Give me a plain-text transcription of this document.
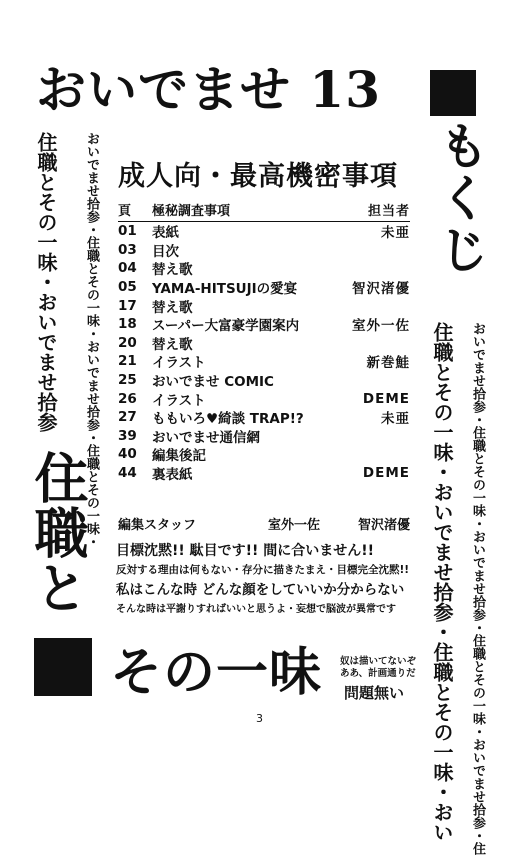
おいでませ 13
もくじ
おいでませ拾参・住職とその一味・おいでませ拾参・住職とその一味・
住職とその一味・おいでませ拾参
おいでませ拾参・住職とその一味・おいでませ拾参・住職とその一味・おいでませ拾参・住
住職とその一味・おいでませ拾参・住職とその一味・おい
成人向・最高機密事項
頁	極秘調査事項	担当者
01	表紙	未亜
03	目次
04	替え歌
05	YAMA-HITSUJIの愛宴	智沢渚優
17	替え歌
18	スーパー大富豪学園案内	室外一佐
20	替え歌
21	イラスト	新巻鮭
25	おいでませ COMIC
26	イラスト	DEME
27	ももいろ♥綺談 TRAP!?	未亜
39	おいでませ通信網
40	編集後記
44	裏表紙	DEME
編集スタッフ	室外一佐	智沢渚優
目標沈黙!! 駄目です!! 間に合いません!!
反対する理由は何もない・存分に描きたまえ・目標完全沈黙!!
私はこんな時 どんな顔をしていいか分からない
そんな時は平謝りすればいいと思うよ・妄想で脳波が異常です
住職と
その一味 奴は描いてないぞ
ああ、計画通りだ
問題無い
3
